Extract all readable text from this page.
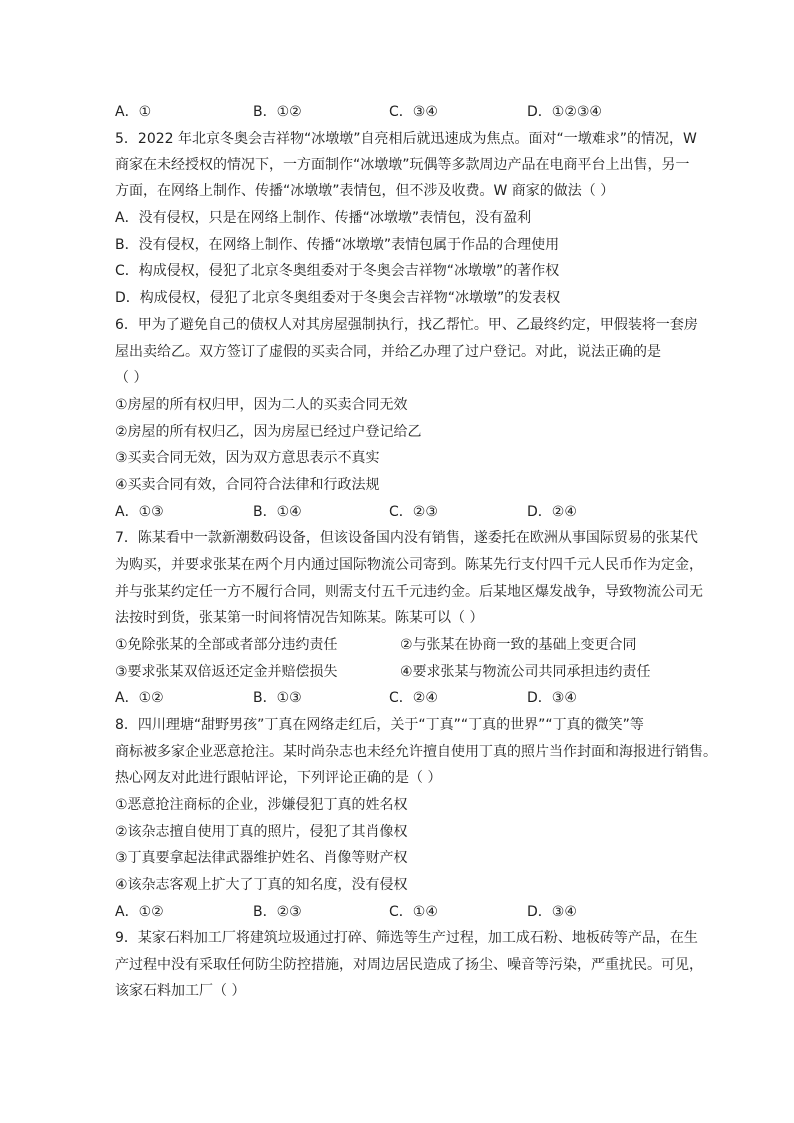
A．①	B．①②	C．③④	D．①②③④
5．2022 年北京冬奥会吉祥物“冰墩墩”自亮相后就迅速成为焦点。面对“一墩难求”的情况，W
商家在未经授权的情况下，一方面制作“冰墩墩”玩偶等多款周边产品在电商平台上出售，另一
方面，在网络上制作、传播“冰墩墩”表情包，但不涉及收费。W 商家的做法（ ）
A．没有侵权，只是在网络上制作、传播“冰墩墩”表情包，没有盈利
B．没有侵权，在网络上制作、传播“冰墩墩”表情包属于作品的合理使用
C．构成侵权，侵犯了北京冬奥组委对于冬奥会吉祥物“冰墩墩”的著作权
D．构成侵权，侵犯了北京冬奥组委对于冬奥会吉祥物“冰墩墩”的发表权
6．甲为了避免自己的债权人对其房屋强制执行，找乙帮忙。甲、乙最终约定，甲假装将一套房
屋出卖给乙。双方签订了虚假的买卖合同，并给乙办理了过户登记。对此，说法正确的是
（ ）
①房屋的所有权归甲，因为二人的买卖合同无效
②房屋的所有权归乙，因为房屋已经过户登记给乙
③买卖合同无效，因为双方意思表示不真实
④买卖合同有效，合同符合法律和行政法规
A．①③	B．①④	C．②③	D．②④
7．陈某看中一款新潮数码设备，但该设备国内没有销售，遂委托在欧洲从事国际贸易的张某代
为购买，并要求张某在两个月内通过国际物流公司寄到。陈某先行支付四千元人民币作为定金，
并与张某约定任一方不履行合同，则需支付五千元违约金。后某地区爆发战争，导致物流公司无
法按时到货，张某第一时间将情况告知陈某。陈某可以（ ）
①免除张某的全部或者部分违约责任	②与张某在协商一致的基础上变更合同
③要求张某双倍返还定金并赔偿损失	④要求张某与物流公司共同承担违约责任
A．①②	B．①③	C．②④	D．③④
8．四川理塘“甜野男孩”丁真在网络走红后，关于“丁真”“丁真的世界”“丁真的微笑”等
商标被多家企业恶意抢注。某时尚杂志也未经允许擅自使用丁真的照片当作封面和海报进行销售。
热心网友对此进行跟帖评论，下列评论正确的是（ ）
①恶意抢注商标的企业，涉嫌侵犯丁真的姓名权
②该杂志擅自使用丁真的照片，侵犯了其肖像权
③丁真要拿起法律武器维护姓名、肖像等财产权
④该杂志客观上扩大了丁真的知名度，没有侵权
A．①②	B．②③	C．①④	D．③④
9．某家石料加工厂将建筑垃圾通过打碎、筛选等生产过程，加工成石粉、地板砖等产品，在生
产过程中没有采取任何防尘防控措施，对周边居民造成了扬尘、噪音等污染，严重扰民。可见，
该家石料加工厂（ ）
